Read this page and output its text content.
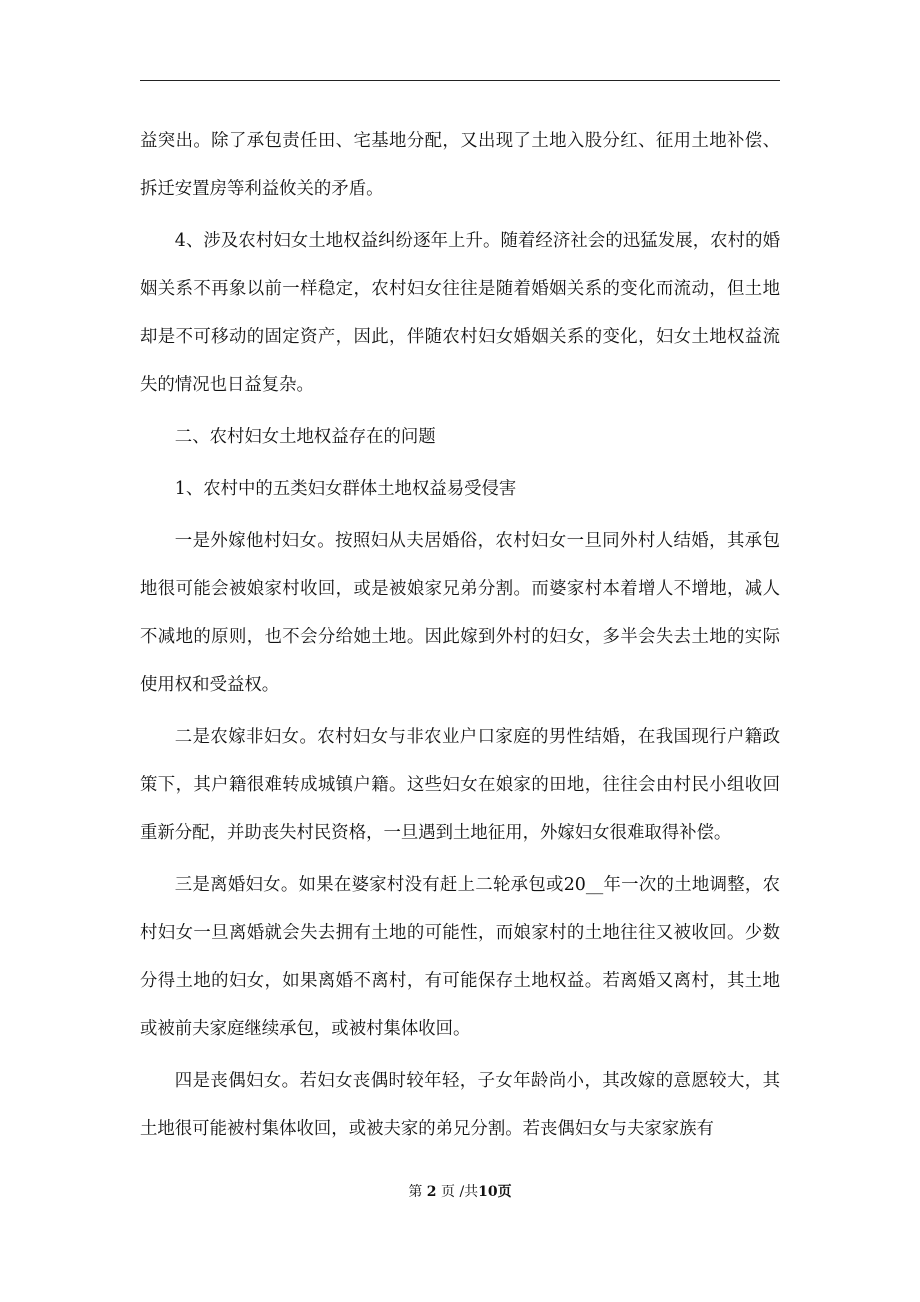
益突出。除了承包责任田、宅基地分配，又出现了土地入股分红、征用土地补偿、拆迁安置房等利益攸关的矛盾。

4、涉及农村妇女土地权益纠纷逐年上升。随着经济社会的迅猛发展，农村的婚姻关系不再象以前一样稳定，农村妇女往往是随着婚姻关系的变化而流动，但土地却是不可移动的固定资产，因此，伴随农村妇女婚姻关系的变化，妇女土地权益流失的情况也日益复杂。

二、农村妇女土地权益存在的问题

1、农村中的五类妇女群体土地权益易受侵害

一是外嫁他村妇女。按照妇从夫居婚俗，农村妇女一旦同外村人结婚，其承包地很可能会被娘家村收回，或是被娘家兄弟分割。而婆家村本着增人不增地，减人不减地的原则，也不会分给她土地。因此嫁到外村的妇女，多半会失去土地的实际使用权和受益权。

二是农嫁非妇女。农村妇女与非农业户口家庭的男性结婚，在我国现行户籍政策下，其户籍很难转成城镇户籍。这些妇女在娘家的田地，往往会由村民小组收回重新分配，并助丧失村民资格，一旦遇到土地征用，外嫁妇女很难取得补偿。

三是离婚妇女。如果在婆家村没有赶上二轮承包或20__年一次的土地调整，农村妇女一旦离婚就会失去拥有土地的可能性，而娘家村的土地往往又被收回。少数分得土地的妇女，如果离婚不离村，有可能保存土地权益。若离婚又离村，其土地或被前夫家庭继续承包，或被村集体收回。

四是丧偶妇女。若妇女丧偶时较年轻，子女年龄尚小，其改嫁的意愿较大，其土地很可能被村集体收回，或被夫家的弟兄分割。若丧偶妇女与夫家家族有

第 2 页 /共10页
